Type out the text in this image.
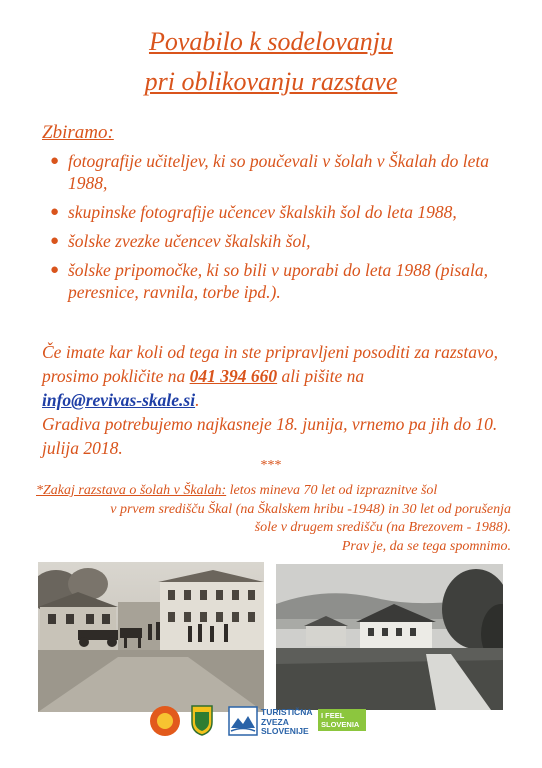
Povabilo k sodelovanju
pri oblikovanju razstave
Zbiramo:
● fotografije učiteljev, ki so poučevali v šolah v Škalah do leta 1988,
● skupinske fotografije učencev škalskih šol do leta 1988,
● šolske zvezke učencev škalskih šol,
● šolske pripomočke, ki so bili v uporabi do leta 1988 (pisala, peresnice, ravnila, torbe ipd.).
Če imate kar koli od tega in ste pripravljeni posoditi za razstavo, prosimo pokličite na 041 394 660 ali pišite na
info@revivas-skale.si.
Gradiva potrebujemo najkasneje 18. junija, vrnemo pa jih do 10. julija 2018.
***
*Zakaj razstava o šolah v Škalah: letos mineva 70 let od izpraznitve šol
v prvem središču Škal (na Škalskem hribu -1948) in 30 let od porušenja
šole v drugem središču (na Brezovem - 1988).
Prav je, da se tega spomnimo.
TURISTIČNA
ZVEZA
SLOVENIJE
I FEEL
SLOVENIA
